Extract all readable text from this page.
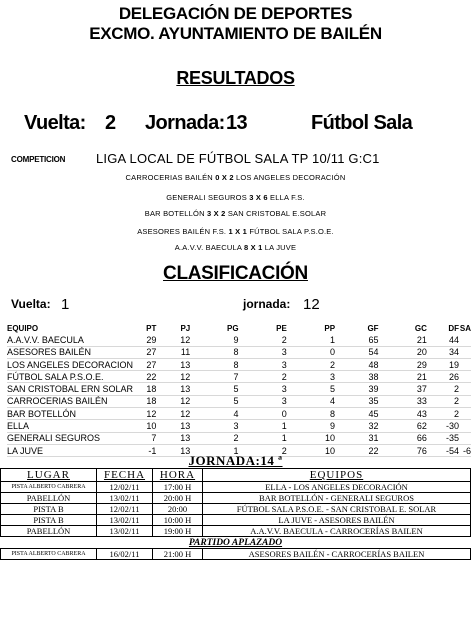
DELEGACIÓN DE DEPORTES
EXCMO. AYUNTAMIENTO DE BAILÉN
RESULTADOS
Vuelta: 2 Jornada: 13	Fútbol Sala
COMPETICION LIGA LOCAL DE FÚTBOL SALA TP 10/11 G:C1
CARROCERIAS BAILÉN 0 X 2 LOS ANGELES DECORACIÓN
GENERALI SEGUROS 3 X 6 ELLA F.S.
BAR BOTELLÓN 3 X 2 SAN CRISTOBAL E.SOLAR
ASESORES BAILÉN F.S. 1 X 1 FÚTBOL SALA P.S.O.E.
A.A.V.V. BAECULA 8 X 1 LA JUVE
CLASIFICACIÓN
Vuelta: 1	jornada: 12
EQUIPO	PT	PJ	PG	PE	PP	GF	GC	DF	SA
A.A.V.V. BAECULA	29	12	9	2	1	65	21	44	
ASESORES BAILÉN	27	11	8	3	0	54	20	34	
LOS ANGELES DECORACION	27	13	8	3	2	48	29	19	
FÚTBOL SALA P.S.O.E.	22	12	7	2	3	38	21	26	
SAN CRISTOBAL ERN SOLAR	18	13	5	3	5	39	37	2	
CARROCERIAS BAILÉN	18	12	5	3	4	35	33	2	
BAR BOTELLÓN	12	12	4	0	8	45	43	2	
ELLA	10	13	3	1	9	32	62	-30	
GENERALI SEGUROS	7	13	2	1	10	31	66	-35	
LA JUVE	-1	13	1	2	10	22	76	-54	-6
JORNADA:14 ª
LUGAR	FECHA	HORA	EQUIPOS
PISTA ALBERTO CABRERA	12/02/11	17:00 H	ELLA - LOS ANGELES DECORACIÓN
PABELLÓN	13/02/11	20:00 H	BAR BOTELLÓN - GENERALI SEGUROS
PISTA B	12/02/11	20:00	FÚTBOL SALA P.S.O.E. - SAN CRISTOBAL E. SOLAR
PISTA B	13/02/11	10:00 H	LA JUVE - ASESORES BAILÉN
PABELLÓN	13/02/11	19:00 H	A.A.V.V. BAECULA - CARROCERÍAS BAILEN
PARTIDO APLAZADO			
PISTA ALBERTO CABRERA	16/02/11	21:00 H	ASESORES BAILÉN - CARROCERÍAS BAILEN
